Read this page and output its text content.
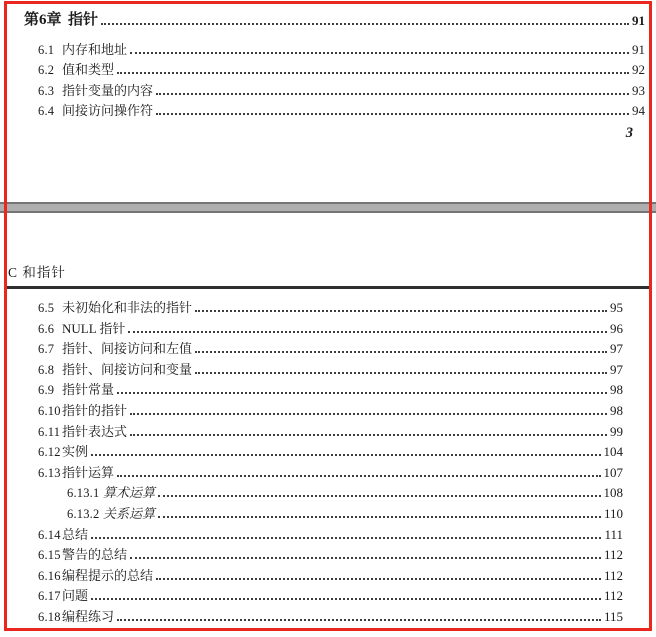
第6章 指针	91
6.1 内存和地址	91
6.2 值和类型	92
6.3 指针变量的内容	93
6.4 间接访问操作符	94
3
C 和指针
6.5 未初始化和非法的指针	95
6.6 NULL 指针	96
6.7 指针、间接访问和左值	97
6.8 指针、间接访问和变量	97
6.9 指针常量	98
6.10 指针的指针	98
6.11 指针表达式	99
6.12 实例	104
6.13 指针运算	107
6.13.1 算术运算	108
6.13.2 关系运算	110
6.14 总结	111
6.15 警告的总结	112
6.16 编程提示的总结	112
6.17 问题	112
6.18 编程练习	115
